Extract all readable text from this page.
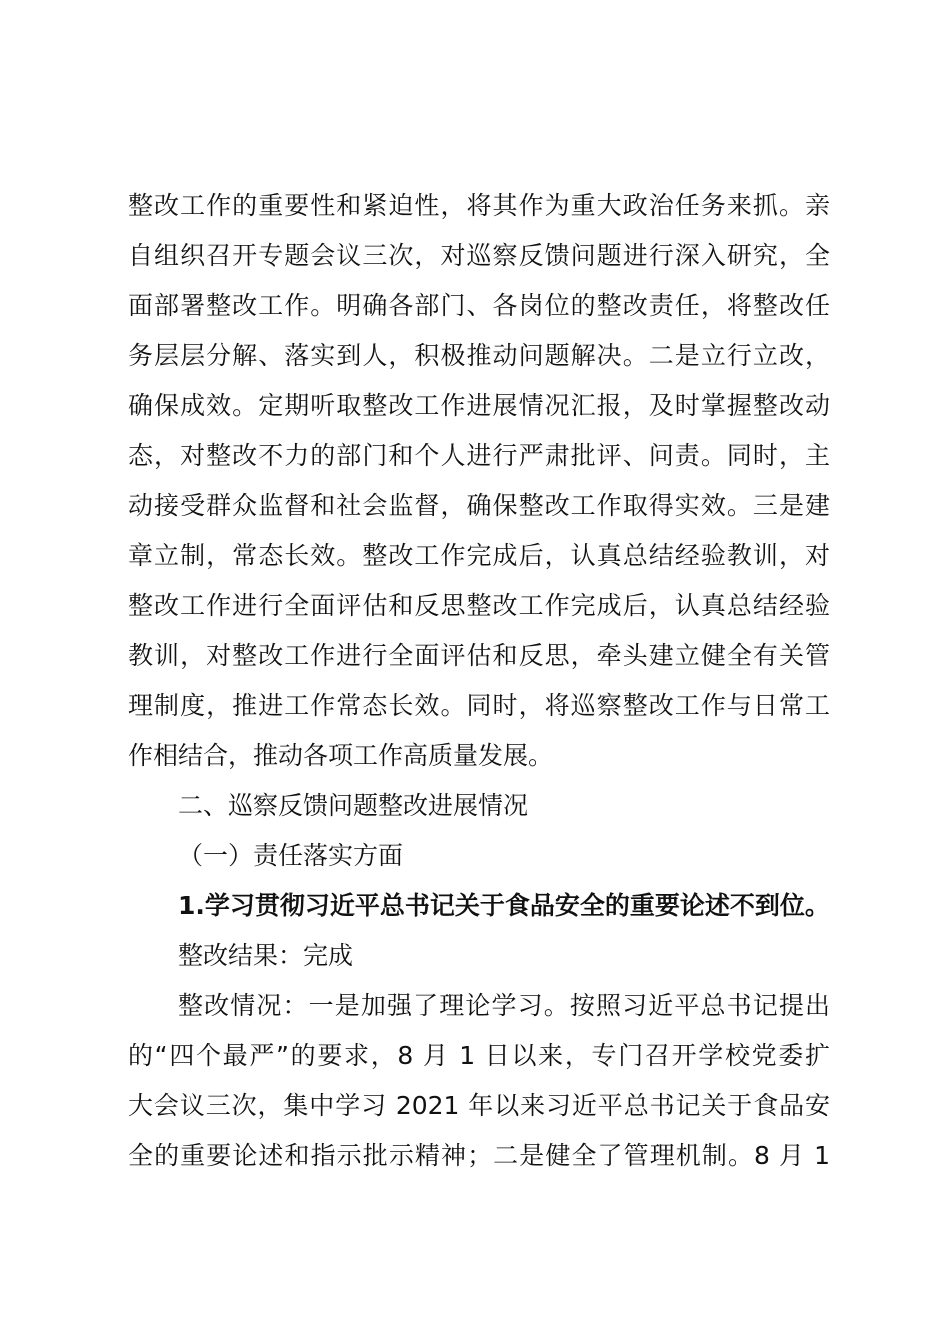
整改工作的重要性和紧迫性，将其作为重大政治任务来抓。亲
自组织召开专题会议三次，对巡察反馈问题进行深入研究，全
面部署整改工作。明确各部门、各岗位的整改责任，将整改任
务层层分解、落实到人，积极推动问题解决。二是立行立改，
确保成效。定期听取整改工作进展情况汇报，及时掌握整改动
态，对整改不力的部门和个人进行严肃批评、问责。同时，主
动接受群众监督和社会监督，确保整改工作取得实效。三是建
章立制，常态长效。整改工作完成后，认真总结经验教训，对
整改工作进行全面评估和反思整改工作完成后，认真总结经验
教训，对整改工作进行全面评估和反思，牵头建立健全有关管
理制度，推进工作常态长效。同时，将巡察整改工作与日常工
作相结合，推动各项工作高质量发展。
二、巡察反馈问题整改进展情况
（一）责任落实方面
1.学习贯彻习近平总书记关于食品安全的重要论述不到位。
整改结果：完成
整改情况：一是加强了理论学习。按照习近平总书记提出
的“四个最严”的要求，8 月 1 日以来，专门召开学校党委扩
大会议三次，集中学习 2021 年以来习近平总书记关于食品安
全的重要论述和指示批示精神；二是健全了管理机制。8 月 1
